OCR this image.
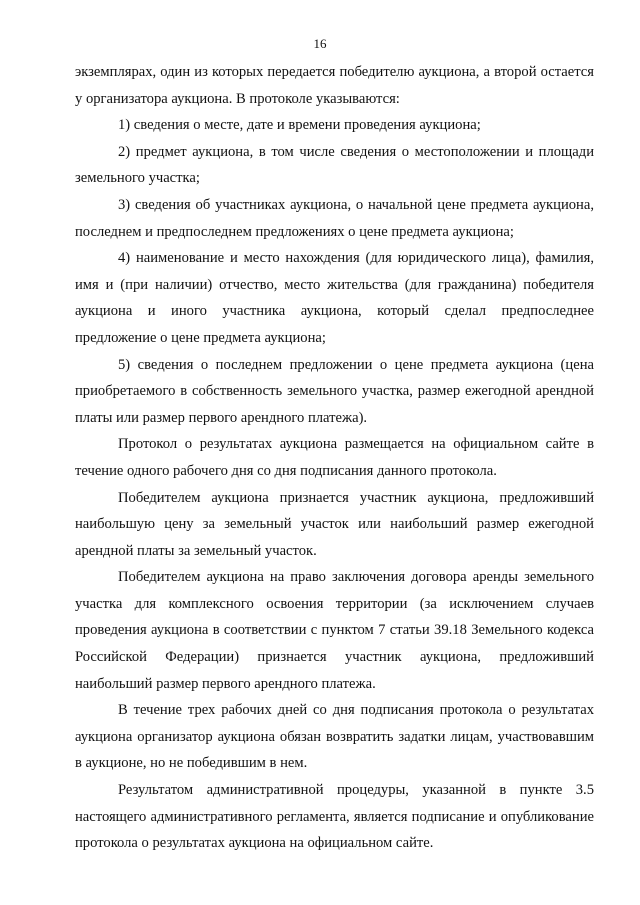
16

экземплярах, один из которых передается победителю аукциона, а второй остается у организатора аукциона. В протоколе указываются:

1) сведения о месте, дате и времени проведения аукциона;

2) предмет аукциона, в том числе сведения о местоположении и площади земельного участка;

3) сведения об участниках аукциона, о начальной цене предмета аукциона, последнем и предпоследнем предложениях о цене предмета аукциона;

4) наименование и место нахождения (для юридического лица), фамилия, имя и (при наличии) отчество, место жительства (для гражданина) победителя аукциона и иного участника аукциона, который сделал предпоследнее предложение о цене предмета аукциона;

5) сведения о последнем предложении о цене предмета аукциона (цена приобретаемого в собственность земельного участка, размер ежегодной арендной платы или размер первого арендного платежа).

Протокол о результатах аукциона размещается на официальном сайте в течение одного рабочего дня со дня подписания данного протокола.

Победителем аукциона признается участник аукциона, предложивший наибольшую цену за земельный участок или наибольший размер ежегодной арендной платы за земельный участок.

Победителем аукциона на право заключения договора аренды земельного участка для комплексного освоения территории (за исключением случаев проведения аукциона в соответствии с пунктом 7 статьи 39.18 Земельного кодекса Российской Федерации) признается участник аукциона, предложивший наибольший размер первого арендного платежа.

В течение трех рабочих дней со дня подписания протокола о результатах аукциона организатор аукциона обязан возвратить задатки лицам, участвовавшим в аукционе, но не победившим в нем.

Результатом административной процедуры, указанной в пункте 3.5 настоящего административного регламента, является подписание и опубликование протокола о результатах аукциона на официальном сайте.
